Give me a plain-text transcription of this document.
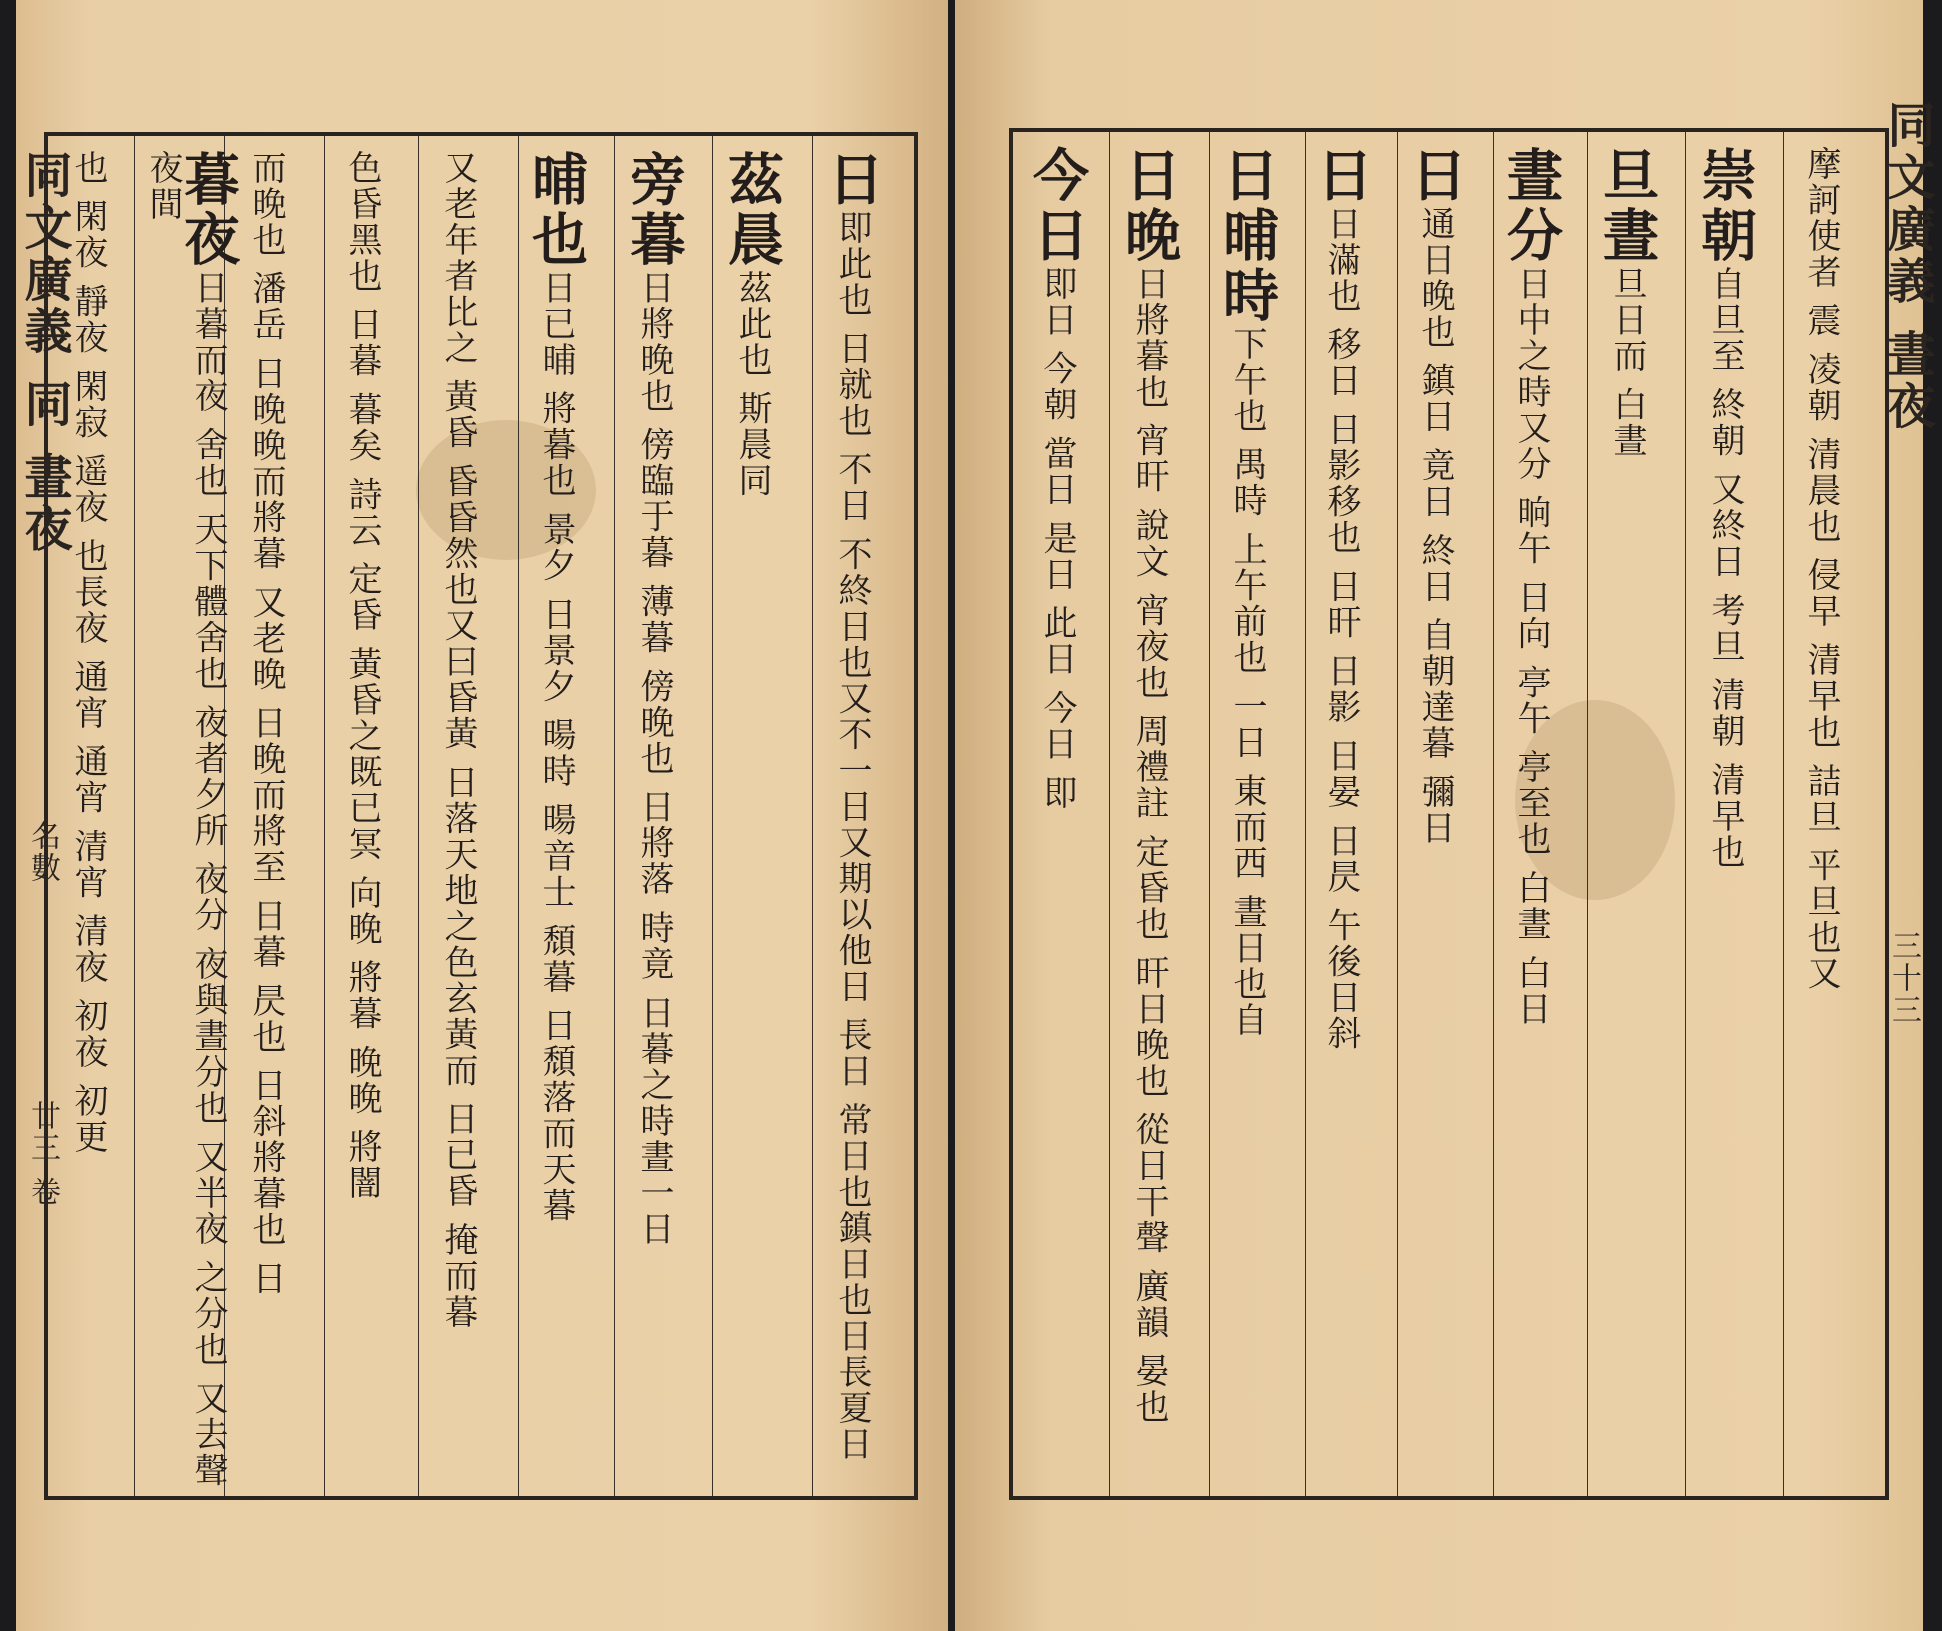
日即此也 日就也 不日 不終日也又不一日又期以他日 長日 常日也鎮日也日長夏日
茲晨茲此也 斯晨同
旁暮日將晚也 傍臨于暮 薄暮 傍晚也 日將落 時竟 日暮之時晝一日
晡也日已晡 將暮也 景夕 日景夕 暘時 暘音士 頹暮 日頹落而天暮
又老年者比之 黃昏 昏昏然也又曰昏黃 日落天地之色玄黃而 日已昏 掩而暮
色昏黑也 日暮 暮矣 詩云 定昏 黃昏之既已冥 向晚 將暮 晚晚 將闇
而晚也 潘岳 日晚晚而將暮 又老晚 日晚而將至 日暮 昃也 日斜將暮也 日
暮夜日暮而夜 舍也 天下體舍也 夜者夕所 夜分 夜與晝分也 又半夜 之分也 又去聲 夜間
也 閑夜 靜夜 閑寂 遥夜 也長夜 通宵 通宵 清宵 清夜 初夜 初更
同文廣義 同 晝夜
名數
廿三 卷
摩訶使者 震 凌朝 清晨也 侵早 清早也 詰旦 平旦也又
崇朝自旦至 終朝 又終日 考旦 清朝 清早也
旦晝旦日而 白晝
晝分日中之時又分 晌午 日向 亭午 亭至也 白晝 白日
日通日晚也 鎮日 竟日 終日 自朝達暮 彌日
日日滿也 移日 日影移也 日旰 日影 日晏 日昃 午後日斜
日晡時下午也 禺時 上午前也 一日 東而西 晝日也自
日晚日將暮也 宵旰 說文 宵夜也 周禮註 定昏也 旰日晚也 從日干聲 廣韻 晏也
今日即日 今朝 當日 是日 此日 今日 即	同文廣義 晝夜
三十三
